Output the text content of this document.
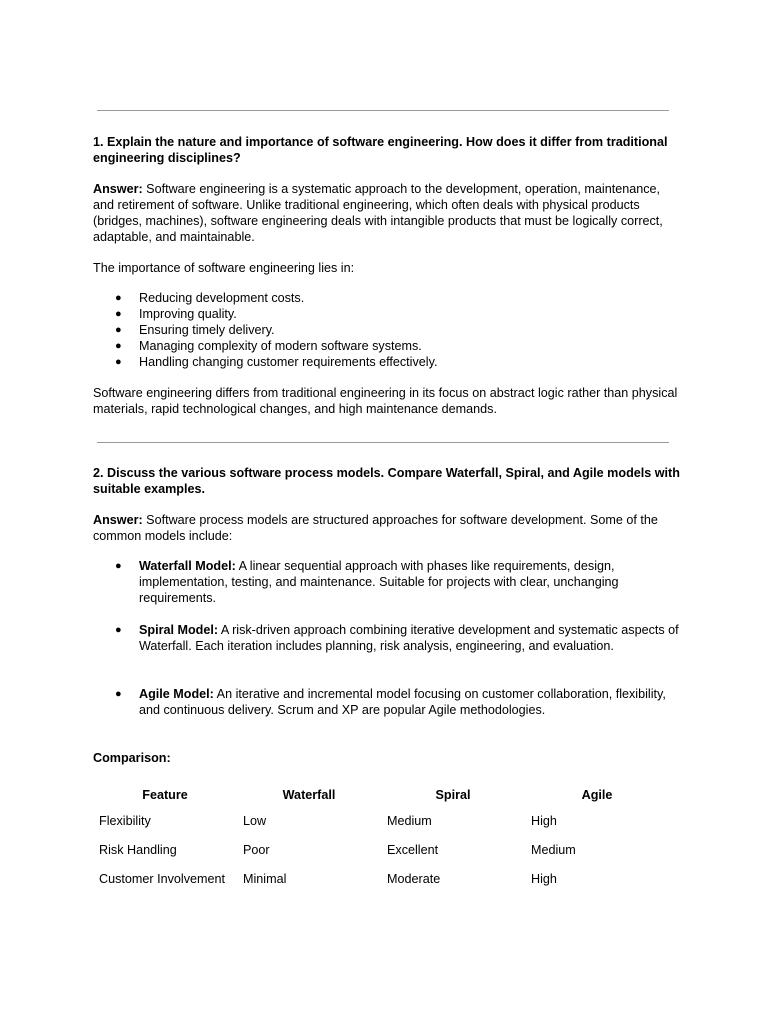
1. Explain the nature and importance of software engineering. How does it differ from traditional engineering disciplines?

Answer: Software engineering is a systematic approach to the development, operation, maintenance, and retirement of software. Unlike traditional engineering, which often deals with physical products (bridges, machines), software engineering deals with intangible products that must be logically correct, adaptable, and maintainable.

The importance of software engineering lies in:

● Reducing development costs.
● Improving quality.
● Ensuring timely delivery.
● Managing complexity of modern software systems.
● Handling changing customer requirements effectively.

Software engineering differs from traditional engineering in its focus on abstract logic rather than physical materials, rapid technological changes, and high maintenance demands.

2. Discuss the various software process models. Compare Waterfall, Spiral, and Agile models with suitable examples.

Answer: Software process models are structured approaches for software development. Some of the common models include:

● Waterfall Model: A linear sequential approach with phases like requirements, design, implementation, testing, and maintenance. Suitable for projects with clear, unchanging requirements.
● Spiral Model: A risk-driven approach combining iterative development and systematic aspects of Waterfall. Each iteration includes planning, risk analysis, engineering, and evaluation.
● Agile Model: An iterative and incremental model focusing on customer collaboration, flexibility, and continuous delivery. Scrum and XP are popular Agile methodologies.

Comparison:

Feature	Waterfall	Spiral	Agile
Flexibility	Low	Medium	High
Risk Handling	Poor	Excellent	Medium
Customer Involvement	Minimal	Moderate	High
